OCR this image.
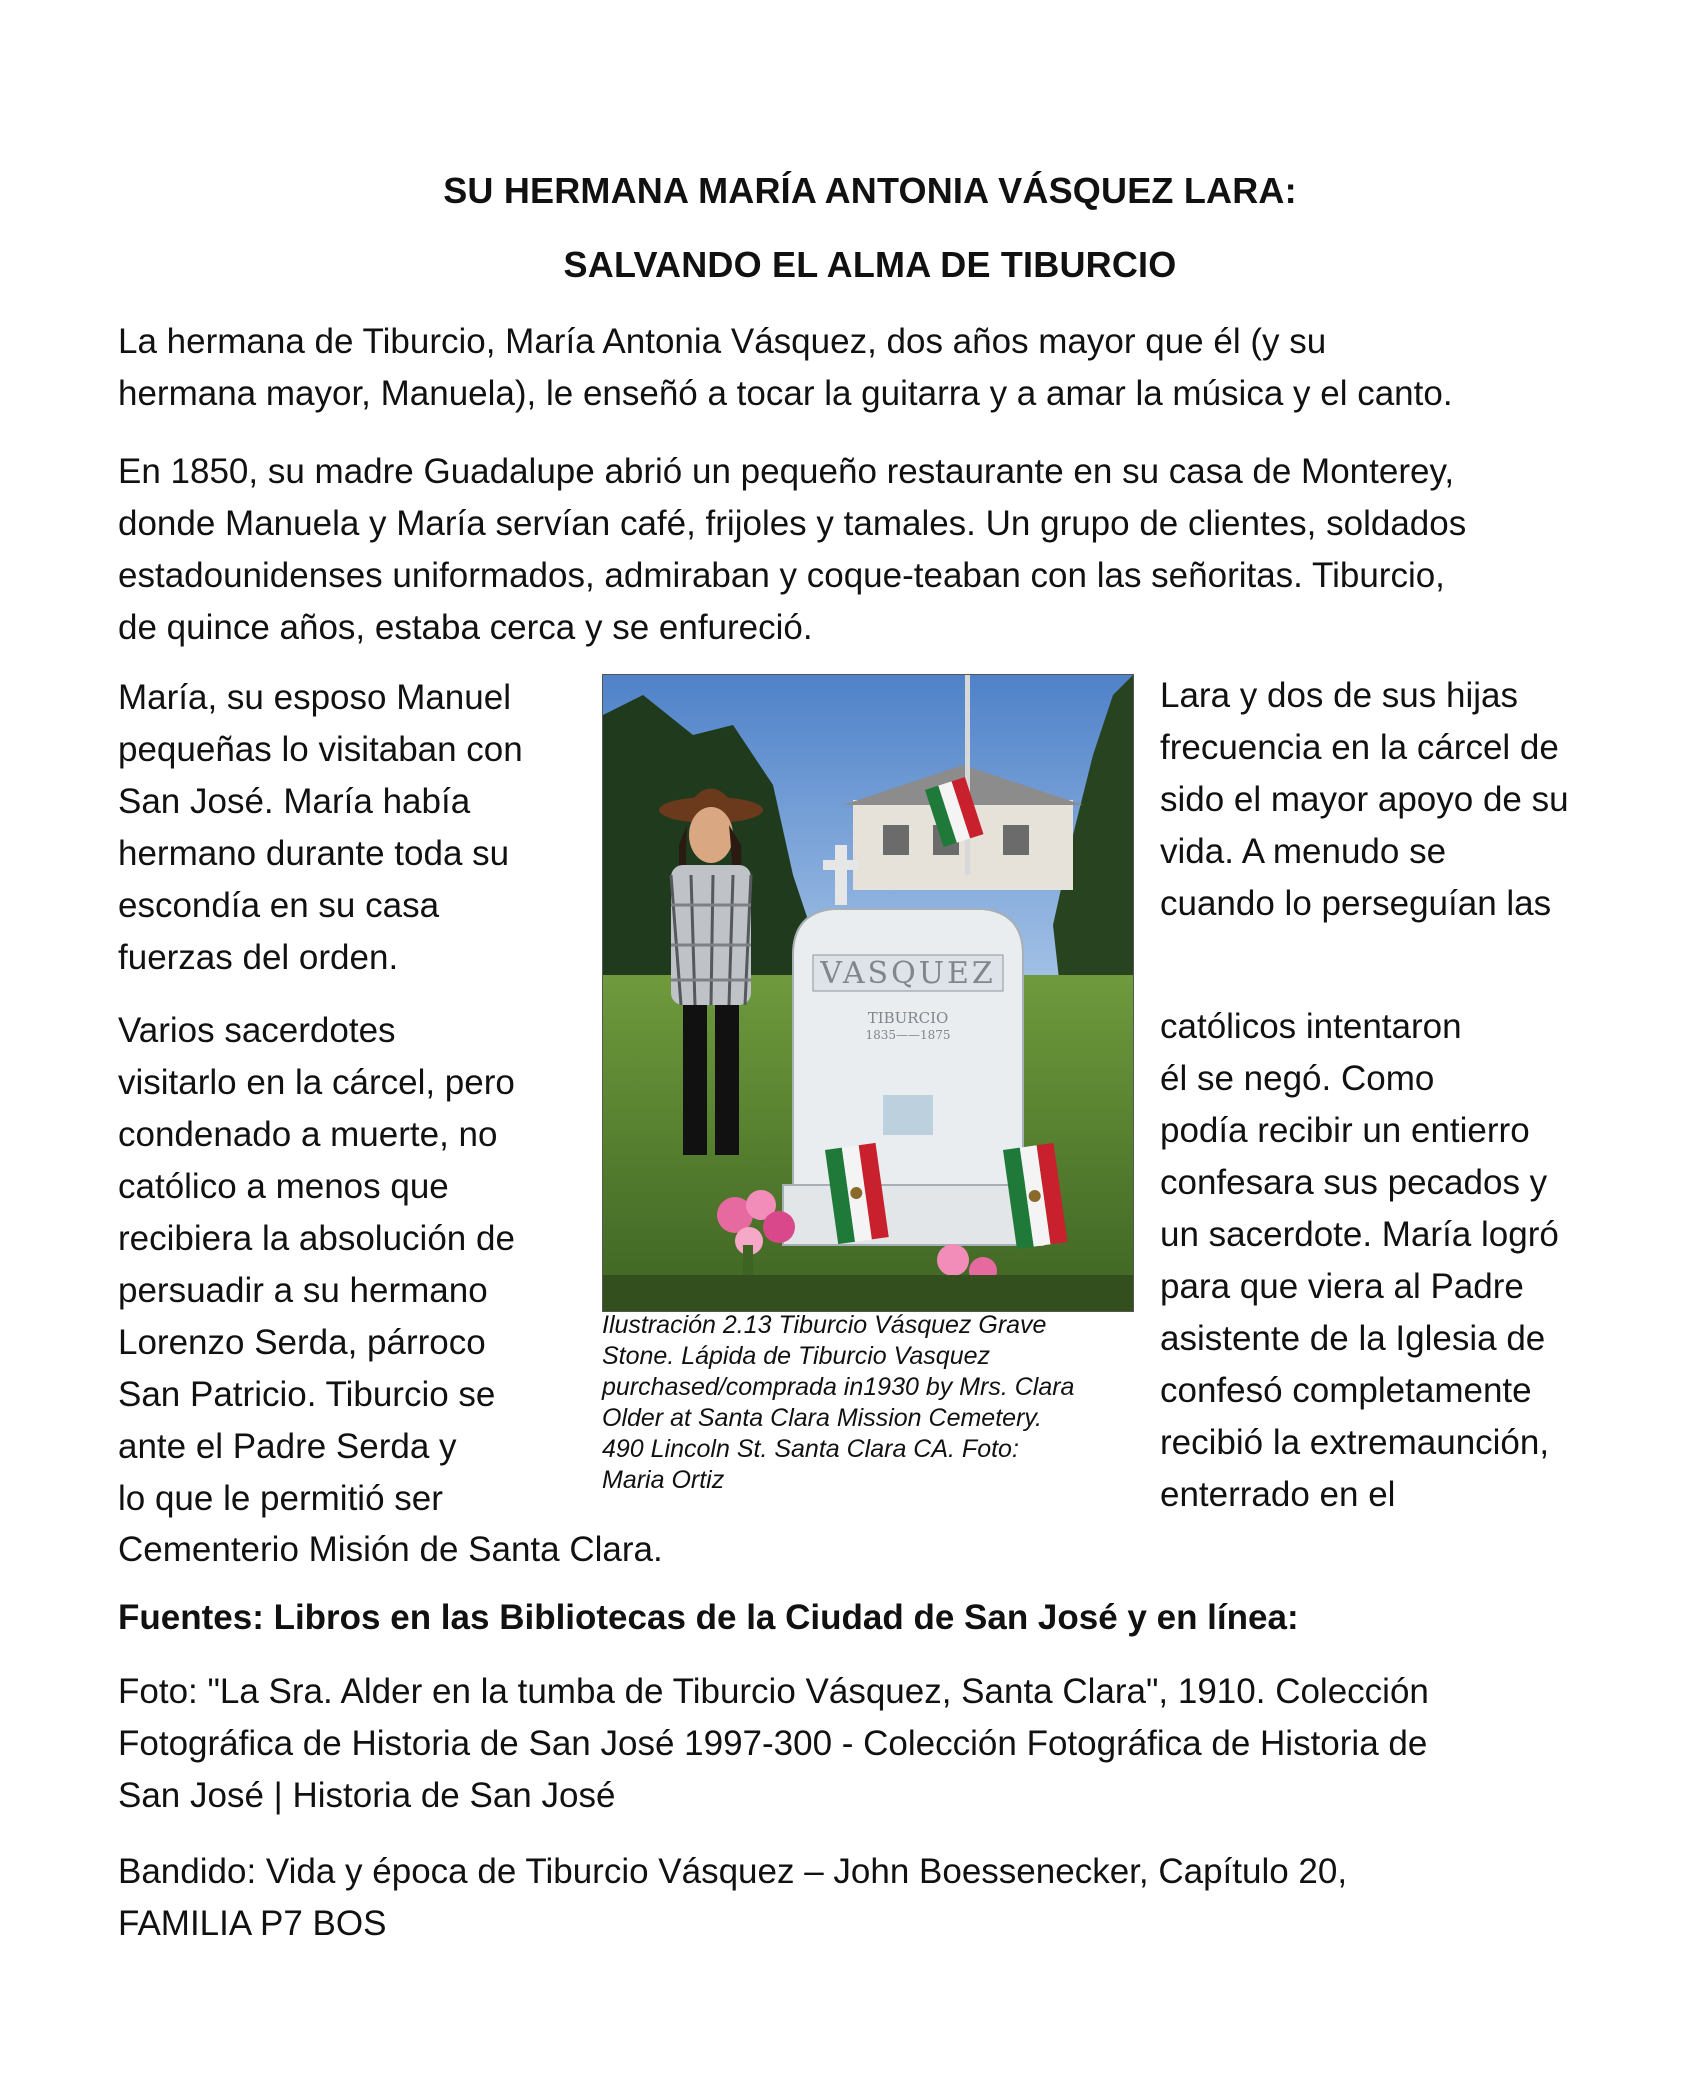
SU HERMANA MARÍA ANTONIA VÁSQUEZ LARA:
SALVANDO EL ALMA DE TIBURCIO
La hermana de Tiburcio, María Antonia Vásquez, dos años mayor que él (y su
hermana mayor, Manuela), le enseñó a tocar la guitarra y a amar la música y el canto.
En 1850, su madre Guadalupe abrió un pequeño restaurante en su casa de Monterey,
donde Manuela y María servían café, frijoles y tamales. Un grupo de clientes, soldados
estadounidenses uniformados, admiraban y coque-teaban con las señoritas. Tiburcio,
de quince años, estaba cerca y se enfureció.
María, su esposo Manuel
pequeñas lo visitaban con
San José. María había
hermano durante toda su
escondía en su casa
fuerzas del orden.
Lara y dos de sus hijas
frecuencia en la cárcel de
sido el mayor apoyo de su
vida. A menudo se
cuando lo perseguían las
Varios sacerdotes
visitarlo en la cárcel, pero
condenado a muerte, no
católico a menos que
recibiera la absolución de
persuadir a su hermano
Lorenzo Serda, párroco
San Patricio. Tiburcio se
ante el Padre Serda y
lo que le permitió ser
católicos intentaron
él se negó. Como
podía recibir un entierro
confesara sus pecados y
un sacerdote. María logró
para que viera al Padre
asistente de la Iglesia de
confesó completamente
recibió la extremaunción,
enterrado en el
VASQUEZ
TIBURCIO
1835——1875
Ilustración 2.13 Tiburcio Vásquez Grave
Stone. Lápida de Tiburcio Vasquez
purchased/comprada in1930 by Mrs. Clara
Older at Santa Clara Mission Cemetery.
490 Lincoln St. Santa Clara CA. Foto:
Maria Ortiz
Cementerio Misión de Santa Clara.
Fuentes: Libros en las Bibliotecas de la Ciudad de San José y en línea:
Foto: "La Sra. Alder en la tumba de Tiburcio Vásquez, Santa Clara", 1910. Colección
Fotográfica de Historia de San José 1997-300 - Colección Fotográfica de Historia de
San José | Historia de San José
Bandido: Vida y época de Tiburcio Vásquez – John Boessenecker, Capítulo 20,
FAMILIA P7 BOS
